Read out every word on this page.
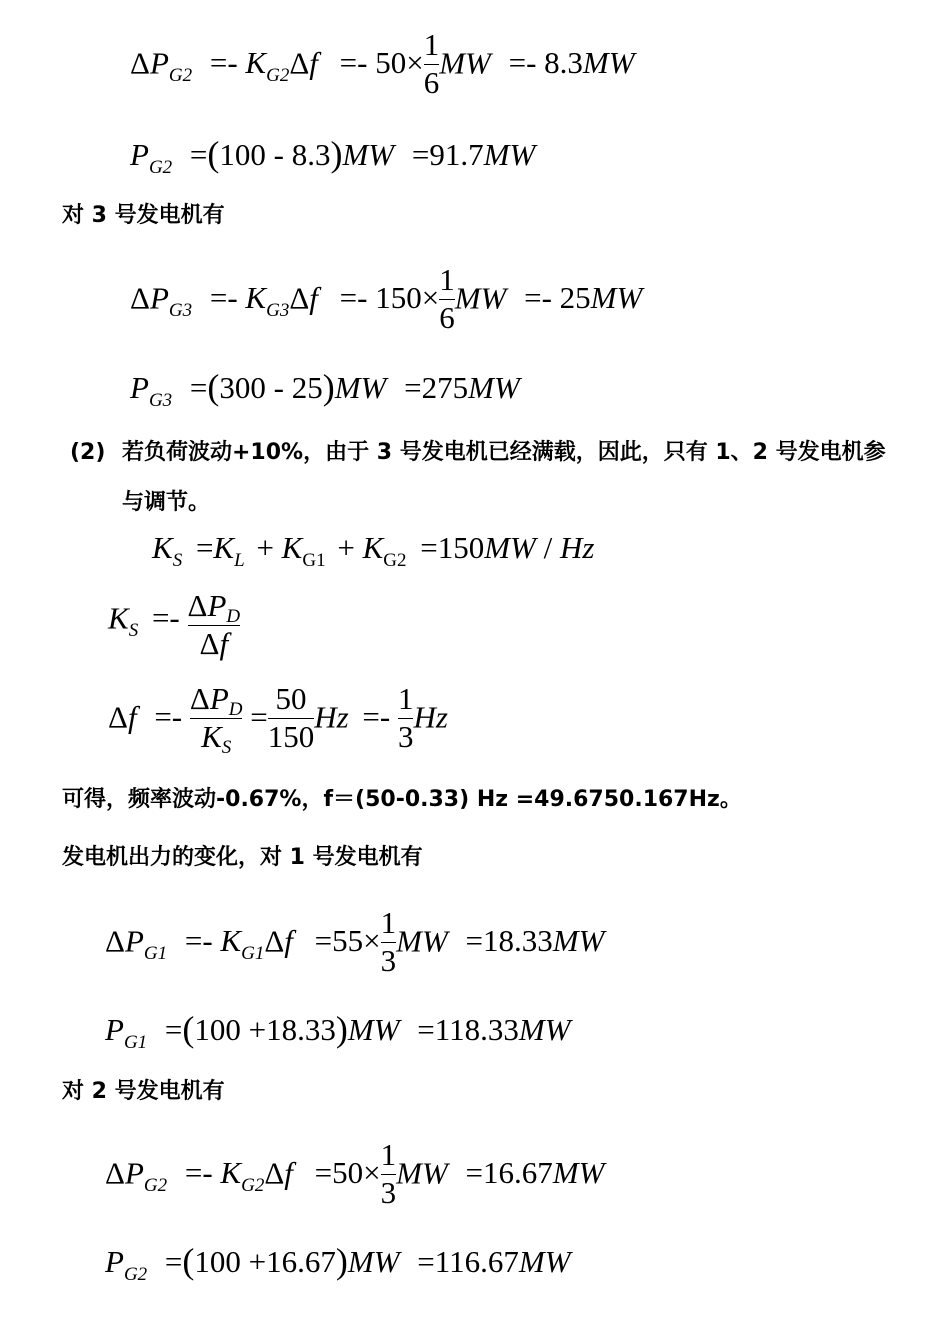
$\Delta P_{G2} =- K_{G2}\Delta f =- 50\times \frac{1}{6}$ MW =- 8.3MW
$P_{G2} =(100 - 8.3)MW =91.7MW$
对 3 号发电机有
$\Delta P_{G3} =- K_{G3}\Delta f =- 150\times \frac{1}{6}$ MW =- 25MW
$P_{G3} =(300 - 25)MW =275MW$
(2) 若负荷波动+10%，由于 3 号发电机已经满载，因此，只有 1、2 号发电机参
与调节。
$K_S =K_L + K_{G1} + K_{G2} =150MW / Hz$
$K_S =- \frac{\text{ΔPD}}{\Delta f}$
$\Delta f =- \frac{\text{ΔPD}}{KS} = \frac{50}{150}$ $Hz =- \frac{1}{3}$ Hz
可得，频率波动-0.67%，f＝(50-0.33) Hz =49.6750.167Hz。
发电机出力的变化，对 1 号发电机有
$\Delta P_{G1} =- K_{G1}\Delta f =55\times \frac{1}{3}$ MW =18.33MW
$P_{G1} =(100 +18.33)MW =118.33MW$
对 2 号发电机有
$\Delta P_{G2} =- K_{G2}\Delta f =50\times \frac{1}{3}$ MW =16.67MW
$P_{G2} =(100 +16.67)MW =116.67MW$
